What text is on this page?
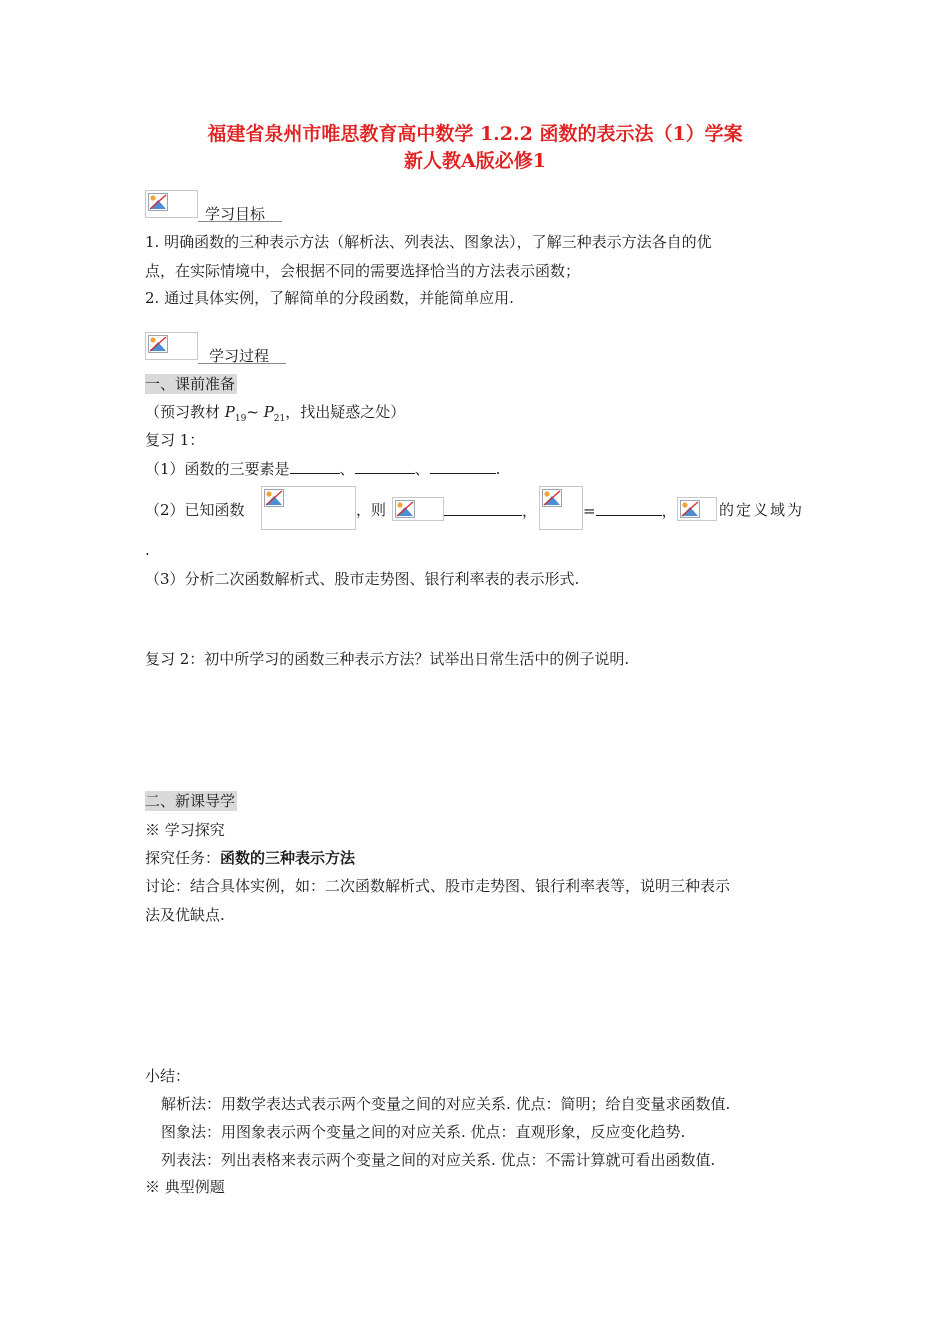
福建省泉州市唯思教育高中数学 1.2.2 函数的表示法（1）学案
新人教A版必修1
学习目标
1. 明确函数的三种表示方法（解析法、列表法、图象法），了解三种表示方法各自的优
点，在实际情境中，会根据不同的需要选择恰当的方法表示函数；
2. 通过具体实例，了解简单的分段函数，并能简单应用.
学习过程
一、课前准备
（预习教材 $P_{19}\sim$ $P_{21}$，找出疑惑之处）
复习 1：
（1）函数的三要素是	、	、	.
（2）已知函数	，则	，	=	，	的定义域为
.
（3）分析二次函数解析式、股市走势图、银行利率表的表示形式.
复习 2：初中所学习的函数三种表示方法？试举出日常生活中的例子说明.
二、新课导学
※ 学习探究
探究任务：函数的三种表示方法
讨论：结合具体实例，如：二次函数解析式、股市走势图、银行利率表等，说明三种表示
法及优缺点.
小结：
解析法：用数学表达式表示两个变量之间的对应关系. 优点：简明；给自变量求函数值.
图象法：用图象表示两个变量之间的对应关系. 优点：直观形象，反应变化趋势.
列表法：列出表格来表示两个变量之间的对应关系. 优点：不需计算就可看出函数值.
※ 典型例题
